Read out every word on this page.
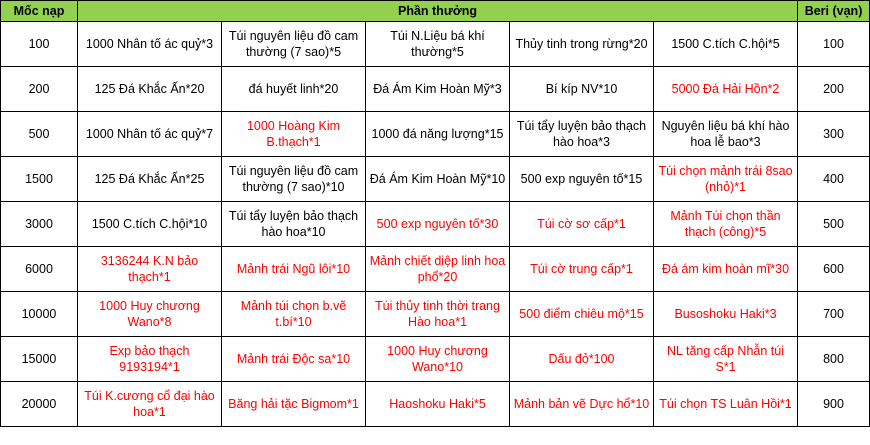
Mốc nạp	Phần thưởng					Beri (vạn)
100	1000 Nhân tố ác quỷ*3	Túi nguyên liệu đồ cam thường (7 sao)*5	Túi N.Liệu bá khí thường*5	Thủy tinh trong rừng*20	1500 C.tích C.hội*5	100
200	125 Đá Khắc Ấn*20	đá huyết linh*20	Đá Ám Kim Hoàn Mỹ*3	Bí kíp NV*10	5000 Đá Hải Hồn*2	200
500	1000 Nhân tố ác quỷ*7	1000 Hoàng Kim B.thạch*1	1000 đá năng lượng*15	Túi tẩy luyện bảo thạch hào hoa*3	Nguyên liệu bá khí hào hoa lễ bao*3	300
1500	125 Đá Khắc Ấn*25	Túi nguyên liệu đồ cam thường (7 sao)*10	Đá Ám Kim Hoàn Mỹ*10	500 exp nguyên tố*15	Túi chọn mảnh trái 8sao (nhỏ)*1	400
3000	1500 C.tích C.hội*10	Túi tẩy luyện bảo thạch hào hoa*10	500 exp nguyên tố*30	Túi cờ sơ cấp*1	Mảnh Túi chọn thần thạch (công)*5	500
6000	3136244 K.N bảo thạch*1	Mảnh trái Ngũ lôi*10	Mảnh chiết diệp linh hoa phổ*20	Túi cờ trung cấp*1	Đá ám kim hoàn mĩ*30	600
10000	1000 Huy chương Wano*8	Mảnh túi chọn b.vẽ t.bí*10	Túi thủy tinh thời trang Hào hoa*1	500 điểm chiêu mộ*15	Busoshoku Haki*3	700
15000	Exp bảo thạch 9193194*1	Mảnh trái Độc sa*10	1000 Huy chương Wano*10	Dấu đỏ*100	NL tăng cấp Nhẫn túi S*1	800
20000	Túi K.cương cổ đại hào hoa*1	Băng hải tặc Bigmom*1	Haoshoku Haki*5	Mảnh bản vẽ Dực hổ*10	Túi chọn TS Luân Hồi*1	900
